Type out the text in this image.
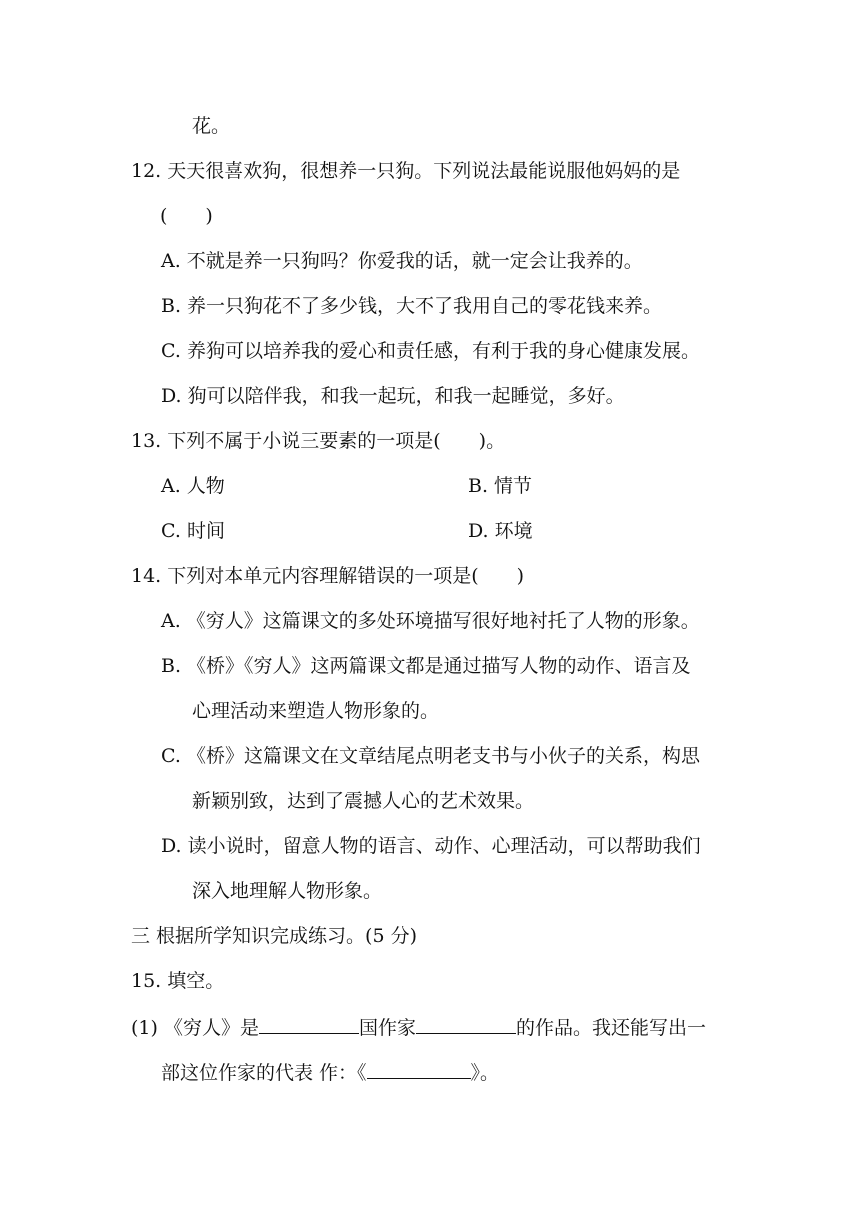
花。
12. 天天很喜欢狗，很想养一只狗。下列说法最能说服他妈妈的是
(　　)
A. 不就是养一只狗吗？你爱我的话，就一定会让我养的。
B. 养一只狗花不了多少钱，大不了我用自己的零花钱来养。
C. 养狗可以培养我的爱心和责任感，有利于我的身心健康发展。
D. 狗可以陪伴我，和我一起玩，和我一起睡觉，多好。
13. 下列不属于小说三要素的一项是(　　)。
A. 人物	B. 情节
C. 时间	D. 环境
14. 下列对本单元内容理解错误的一项是(　　)
A. 《穷人》这篇课文的多处环境描写很好地衬托了人物的形象。
B. 《桥》《穷人》这两篇课文都是通过描写人物的动作、语言及
心理活动来塑造人物形象的。
C. 《桥》这篇课文在文章结尾点明老支书与小伙子的关系，构思
新颖别致，达到了震撼人心的艺术效果。
D. 读小说时，留意人物的语言、动作、心理活动，可以帮助我们
深入地理解人物形象。
三 根据所学知识完成练习。(5 分)
15. 填空。
(1) 《穷人》是	国作家	的作品。我还能写出一
部这位作家的代表 作：《	》。
